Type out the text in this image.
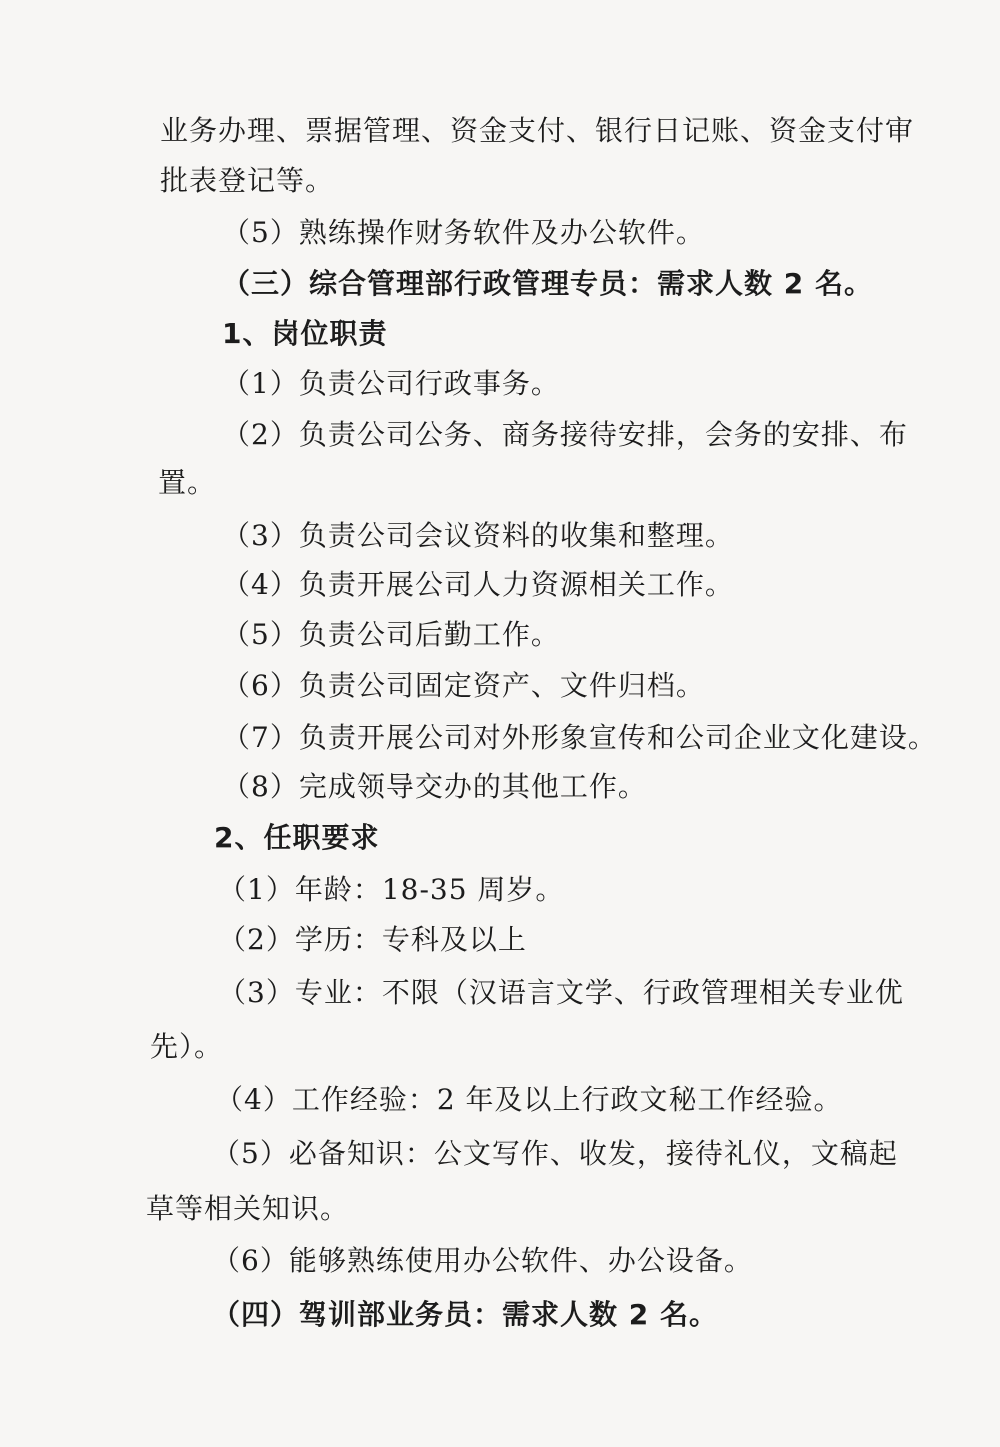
业务办理、票据管理、资金支付、银行日记账、资金支付审
批表登记等。
（5）熟练操作财务软件及办公软件。
（三）综合管理部行政管理专员：需求人数 2 名。
1、岗位职责
（1）负责公司行政事务。
（2）负责公司公务、商务接待安排，会务的安排、布
置。
（3）负责公司会议资料的收集和整理。
（4）负责开展公司人力资源相关工作。
（5）负责公司后勤工作。
（6）负责公司固定资产、文件归档。
（7）负责开展公司对外形象宣传和公司企业文化建设。
（8）完成领导交办的其他工作。
2、任职要求
（1）年龄：18-35 周岁。
（2）学历：专科及以上
（3）专业：不限（汉语言文学、行政管理相关专业优
先）。
（4）工作经验：2 年及以上行政文秘工作经验。
（5）必备知识：公文写作、收发，接待礼仪，文稿起
草等相关知识。
（6）能够熟练使用办公软件、办公设备。
（四）驾训部业务员：需求人数 2 名。
